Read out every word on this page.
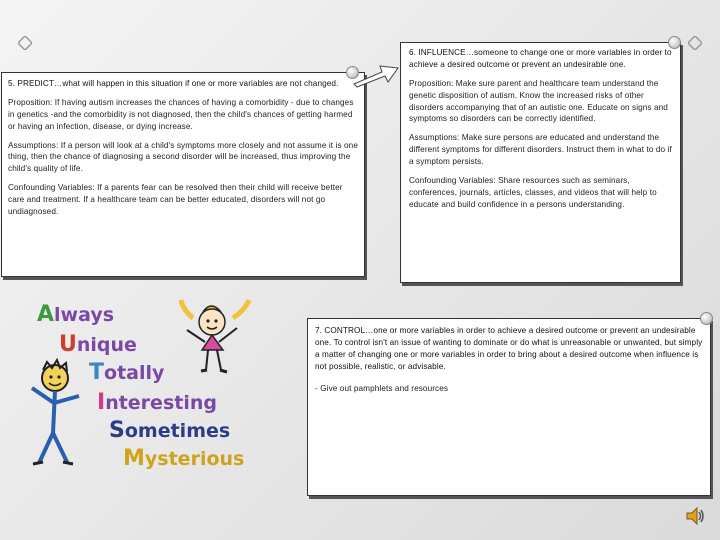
5. PREDICT…what will happen in this situation if one or more variables are not changed.

Proposition: If having autism increases the chances of having a comorbidity - due to changes in genetics -and the comorbidity is not diagnosed, then the child's chances of getting harmed or having an infection, disease, or dying increase.

Assumptions: If a person will look at a child's symptoms more closely and not assume it is one thing, then the chance of diagnosing a second disorder will be increased, thus improving the child's quality of life.

Confounding Variables: If a parents fear can be resolved then their child will receive better care and treatment. If a healthcare team can be better educated, disorders will not go undiagnosed.

6. INFLUENCE…someone to change one or more variables in order to achieve a desired outcome or prevent an undesirable one.

Proposition: Make sure parent and healthcare team understand the genetic disposition of autism. Know the increased risks of other disorders accompanying that of an autistic one. Educate on signs and symptoms so disorders can be correctly identified.

Assumptions: Make sure persons are educated and understand the different symptoms for different disorders. Instruct them in what to do if a symptom persists.

Confounding Variables: Share resources such as seminars, conferences, journals, articles, classes, and videos that will help to educate and build confidence in a persons understanding.

Always
Unique
Totally
Interesting
Sometimes
Mysterious

7. CONTROL…one or more variables in order to achieve a desired outcome or prevent an undesirable one. To control isn't an issue of wanting to dominate or do what is unreasonable or unwanted, but simply a matter of changing one or more variables in order to bring about a desired outcome when influence is not possible, realistic, or advisable.

- Give out pamphlets and resources
